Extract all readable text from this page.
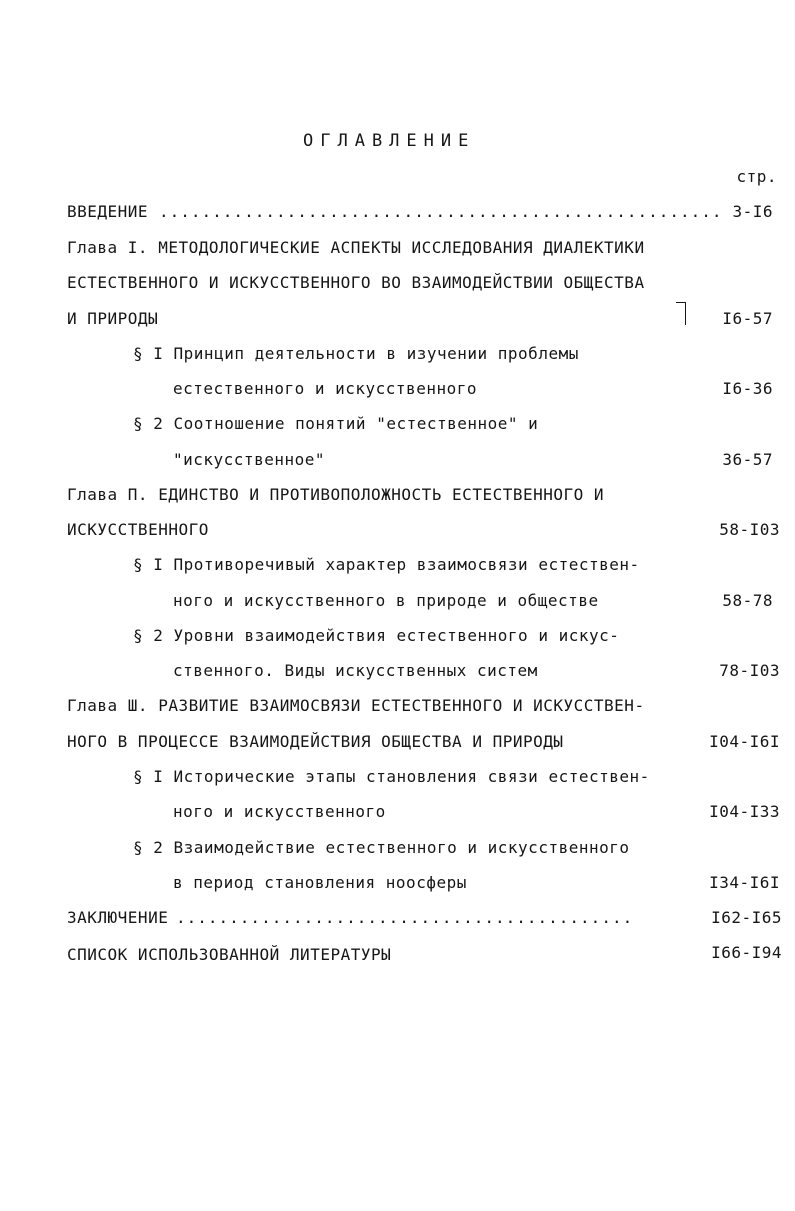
ОГЛАВЛЕНИЕ
стр.
ВВЕДЕНИЕ ..................................................... 3-I6
Глава I. МЕТОДОЛОГИЧЕСКИЕ АСПЕКТЫ ИССЛЕДОВАНИЯ ДИАЛЕКТИКИ
ЕСТЕСТВЕННОГО И ИСКУССТВЕННОГО ВО ВЗАИМОДЕЙСТВИИ ОБЩЕСТВА
И ПРИРОДЫ	I6-57
§ I Принцип деятельности в изучении проблемы
естественного и искусственного	I6-36
§ 2 Соотношение понятий "естественное" и
"искусственное"	36-57
Глава П. ЕДИНСТВО И ПРОТИВОПОЛОЖНОСТЬ ЕСТЕСТВЕННОГО И
ИСКУССТВЕННОГО	58-I03
§ I Противоречивый характер взаимосвязи естествен-
ного и искусственного в природе и обществе	58-78
§ 2 Уровни взаимодействия естественного и искус-
ственного. Виды искусственных систем	78-I03
Глава Ш. РАЗВИТИЕ ВЗАИМОСВЯЗИ ЕСТЕСТВЕННОГО И ИСКУССТВЕН-
НОГО В ПРОЦЕССЕ ВЗАИМОДЕЙСТВИЯ ОБЩЕСТВА И ПРИРОДЫ	I04-I6I
§ I Исторические этапы становления связи естествен-
ного и искусственного	I04-I33
§ 2 Взаимодействие естественного и искусственного
в период становления ноосферы	I34-I6I
ЗАКЛЮЧЕНИЕ ...........................................	I62-I65
СПИСОК ИСПОЛЬЗОВАННОЙ ЛИТЕРАТУРЫ	I66-I94
